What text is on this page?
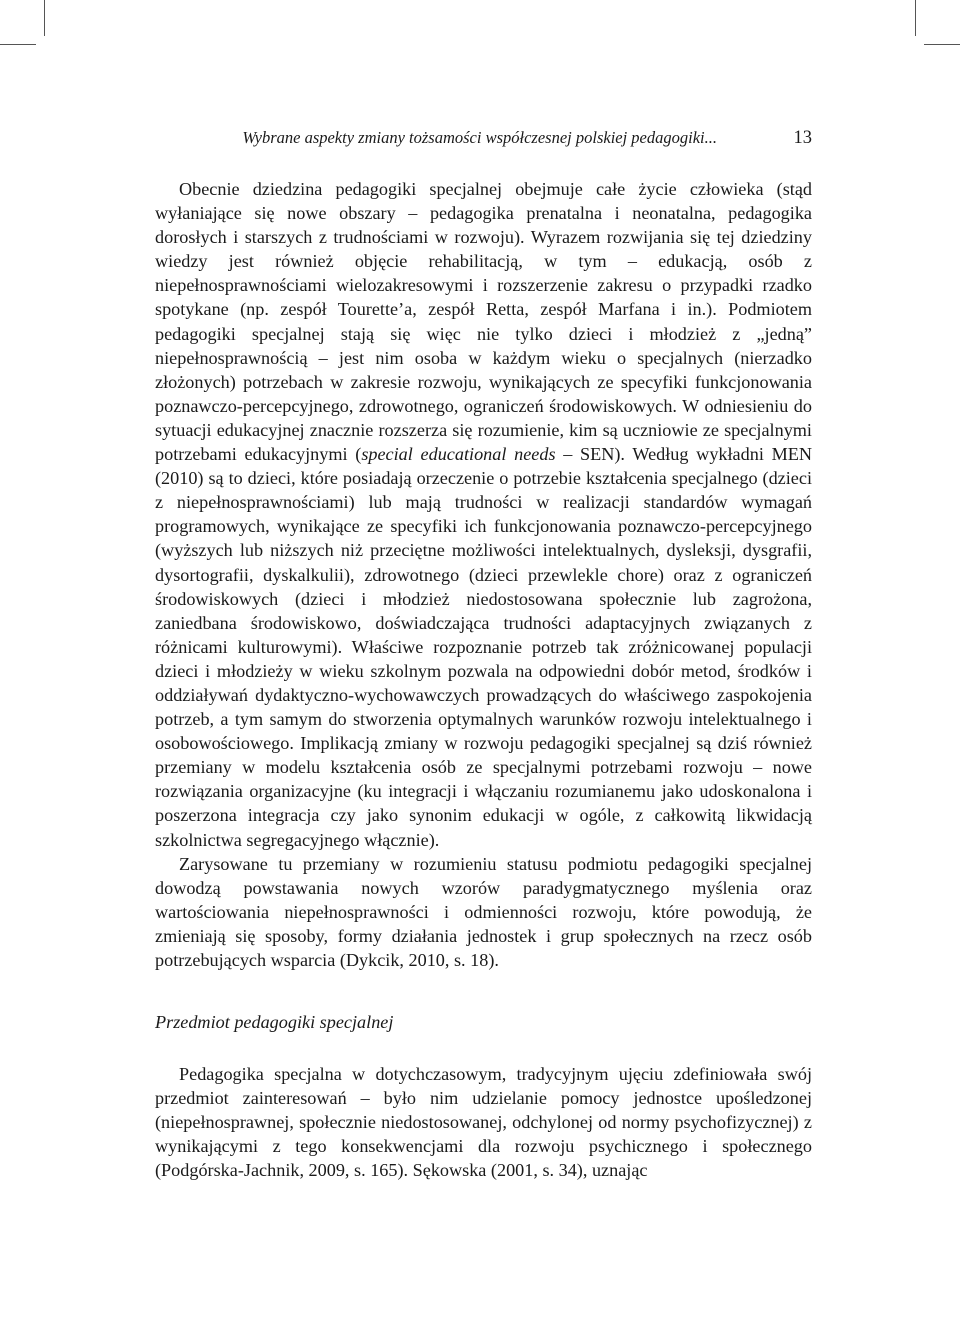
Wybrane aspekty zmiany tożsamości współczesnej polskiej pedagogiki...	13

Obecnie dziedzina pedagogiki specjalnej obejmuje całe życie człowieka (stąd wyłaniające się nowe obszary – pedagogika prenatalna i neonatalna, pedagogika dorosłych i starszych z trudnościami w rozwoju). Wyrazem rozwijania się tej dziedziny wiedzy jest również objęcie rehabilitacją, w tym – edukacją, osób z niepełnosprawnościami wielozakresowymi i rozszerzenie zakresu o przypadki rzadko spotykane (np. zespół Tourette’a, zespół Retta, zespół Marfana i in.). Podmiotem pedagogiki specjalnej stają się więc nie tylko dzieci i młodzież z „jedną” niepełnosprawnością – jest nim osoba w każdym wieku o specjalnych (nierzadko złożonych) potrzebach w zakresie rozwoju, wynikających ze specyfiki funkcjonowania poznawczo-percepcyjnego, zdrowotnego, ograniczeń środowiskowych. W odniesieniu do sytuacji edukacyjnej znacznie rozszerza się rozumienie, kim są uczniowie ze specjalnymi potrzebami edukacyjnymi (special educational needs – SEN). Według wykładni MEN (2010) są to dzieci, które posiadają orzeczenie o potrzebie kształcenia specjalnego (dzieci z niepełnosprawnościami) lub mają trudności w realizacji standardów wymagań programowych, wynikające ze specyfiki ich funkcjonowania poznawczo-percepcyjnego (wyższych lub niższych niż przeciętne możliwości intelektualnych, dysleksji, dysgrafii, dysortografii, dyskalkulii), zdrowotnego (dzieci przewlekle chore) oraz z ograniczeń środowiskowych (dzieci i młodzież niedostosowana społecznie lub zagrożona, zaniedbana środowiskowo, doświadczająca trudności adaptacyjnych związanych z różnicami kulturowymi). Właściwe rozpoznanie potrzeb tak zróżnicowanej populacji dzieci i młodzieży w wieku szkolnym pozwala na odpowiedni dobór metod, środków i oddziaływań dydaktyczno-wychowawczych prowadzących do właściwego zaspokojenia potrzeb, a tym samym do stworzenia optymalnych warunków rozwoju intelektualnego i osobowościowego. Implikacją zmiany w rozwoju pedagogiki specjalnej są dziś również przemiany w modelu kształcenia osób ze specjalnymi potrzebami rozwoju – nowe rozwiązania organizacyjne (ku integracji i włączaniu rozumianemu jako udoskonalona i poszerzona integracja czy jako synonim edukacji w ogóle, z całkowitą likwidacją szkolnictwa segregacyjnego włącznie).

Zarysowane tu przemiany w rozumieniu statusu podmiotu pedagogiki specjalnej dowodzą powstawania nowych wzorów paradygmatycznego myślenia oraz wartościowania niepełnosprawności i odmienności rozwoju, które powodują, że zmieniają się sposoby, formy działania jednostek i grup społecznych na rzecz osób potrzebujących wsparcia (Dykcik, 2010, s. 18).

Przedmiot pedagogiki specjalnej

Pedagogika specjalna w dotychczasowym, tradycyjnym ujęciu zdefiniowała swój przedmiot zainteresowań – było nim udzielanie pomocy jednostce upośledzonej (niepełnosprawnej, społecznie niedostosowanej, odchylonej od normy psychofizycznej) z wynikającymi z tego konsekwencjami dla rozwoju psychicznego i społecznego (Podgórska-Jachnik, 2009, s. 165). Sękowska (2001, s. 34), uznając
